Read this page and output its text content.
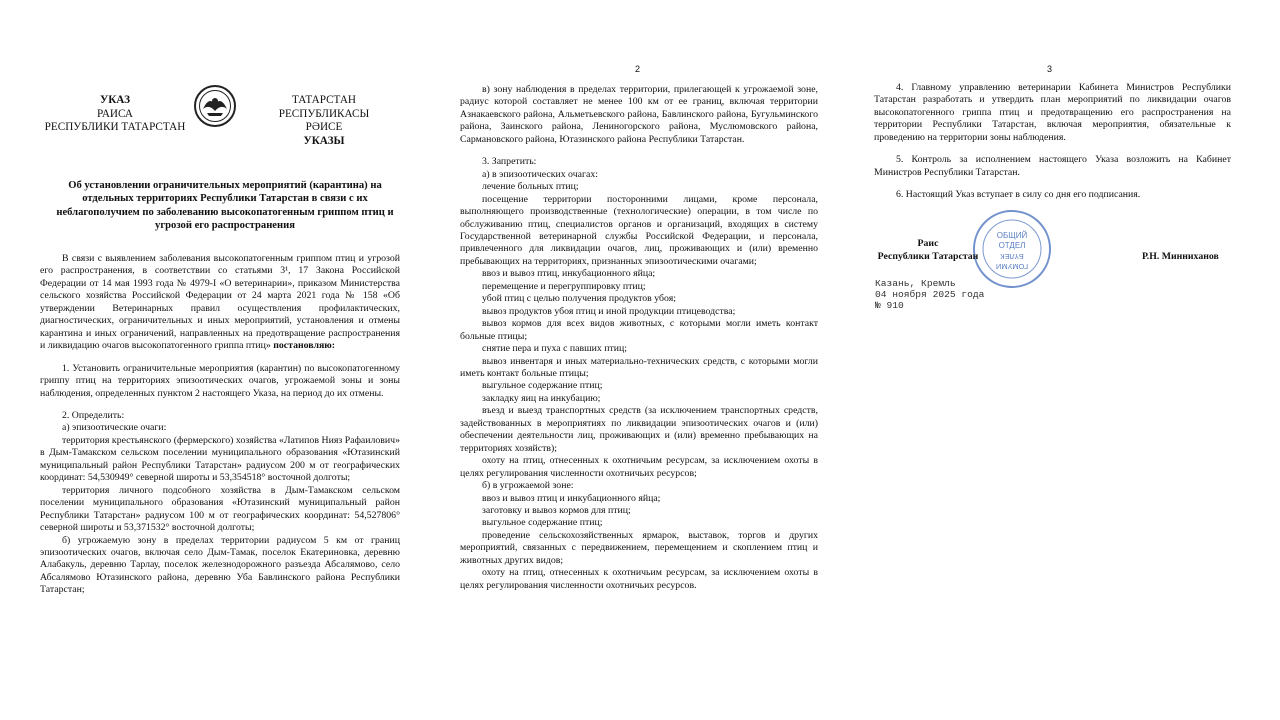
УКАЗ
РАИСА
РЕСПУБЛИКИ ТАТАРСТАН
ТАТАРСТАН РЕСПУБЛИКАСЫ
РӘИСЕ
УКАЗЫ
Об установлении ограничительных мероприятий (карантина) на отдельных территориях Республики Татарстан в связи с их неблагополучием по заболеванию высокопатогенным гриппом птиц и угрозой его распространения

В связи с выявлением заболевания высокопатогенным гриппом птиц и угрозой его распространения, в соответствии со статьями 3¹, 17 Закона Российской Федерации от 14 мая 1993 года № 4979-I «О ветеринарии», приказом Министерства сельского хозяйства Российской Федерации от 24 марта 2021 года № 158 «Об утверждении Ветеринарных правил осуществления профилактических, диагностических, ограничительных и иных мероприятий, установления и отмены карантина и иных ограничений, направленных на предотвращение распространения и ликвидацию очагов высокопатогенного гриппа птиц» постановляю:

1. Установить ограничительные мероприятия (карантин) по высокопатогенному гриппу птиц на территориях эпизоотических очагов, угрожаемой зоны и зоны наблюдения, определенных пунктом 2 настоящего Указа, на период до их отмены.

2. Определить:

а) эпизоотические очаги:

территория крестьянского (фермерского) хозяйства «Латипов Нияз Рафаилович» в Дым-Тамакском сельском поселении муниципального образования «Ютазинский муниципальный район Республики Татарстан» радиусом 200 м от географических координат: 54,530949° северной широты и 53,354518° восточной долготы;

территория личного подсобного хозяйства в Дым-Тамакском сельском поселении муниципального образования «Ютазинский муниципальный район Республики Татарстан» радиусом 100 м от географических координат: 54,527806° северной широты и 53,371532° восточной долготы;

б) угрожаемую зону в пределах территории радиусом 5 км от границ эпизоотических очагов, включая село Дым-Тамак, поселок Екатериновка, деревню Алабакуль, деревню Тарлау, поселок железнодорожного разъезда Абсалямово, село Абсалямово Ютазинского района, деревню Уба Бавлинского района Республики Татарстан;

2

в) зону наблюдения в пределах территории, прилегающей к угрожаемой зоне, радиус которой составляет не менее 100 км от ее границ, включая территории Азнакаевского района, Альметьевского района, Бавлинского района, Бугульминского района, Заинского района, Лениногорского района, Муслюмовского района, Сармановского района, Ютазинского района Республики Татарстан.

3. Запретить:

а) в эпизоотических очагах:

лечение больных птиц;

посещение территории посторонними лицами, кроме персонала, выполняющего производственные (технологические) операции, в том числе по обслуживанию птиц, специалистов органов и организаций, входящих в систему Государственной ветеринарной службы Российской Федерации, и персонала, привлеченного для ликвидации очагов, лиц, проживающих и (или) временно пребывающих на территориях, признанных эпизоотическими очагами;

ввоз и вывоз птиц, инкубационного яйца;

перемещение и перегруппировку птиц;

убой птиц с целью получения продуктов убоя;

вывоз продуктов убоя птиц и иной продукции птицеводства;

вывоз кормов для всех видов животных, с которыми могли иметь контакт больные птицы;

снятие пера и пуха с павших птиц;

вывоз инвентаря и иных материально-технических средств, с которыми могли иметь контакт больные птицы;

выгульное содержание птиц;

закладку яиц на инкубацию;

въезд и выезд транспортных средств (за исключением транспортных средств, задействованных в мероприятиях по ликвидации эпизоотических очагов и (или) обеспечении деятельности лиц, проживающих и (или) временно пребывающих на территориях хозяйств);

охоту на птиц, отнесенных к охотничьим ресурсам, за исключением охоты в целях регулирования численности охотничьих ресурсов;

б) в угрожаемой зоне:

ввоз и вывоз птиц и инкубационного яйца;

заготовку и вывоз кормов для птиц;

выгульное содержание птиц;

проведение сельскохозяйственных ярмарок, выставок, торгов и других мероприятий, связанных с передвижением, перемещением и скоплением птиц и животных других видов;

охоту на птиц, отнесенных к охотничьим ресурсам, за исключением охоты в целях регулирования численности охотничьих ресурсов.

3

4. Главному управлению ветеринарии Кабинета Министров Республики Татарстан разработать и утвердить план мероприятий по ликвидации очагов высокопатогенного гриппа птиц и предотвращению его распространения на территории Республики Татарстан, включая мероприятия, обязательные к проведению на территории зоны наблюдения.

5. Контроль за исполнением настоящего Указа возложить на Кабинет Министров Республики Татарстан.

6. Настоящий Указ вступает в силу со дня его подписания.

ОБЩИЙ
ОТДЕЛ
БҮЛЕК
ГОМУМИ
Раис
Республики Татарстан	Р.Н. Минниханов
Казань, Кремль
04 ноября 2025 года
№ 910
